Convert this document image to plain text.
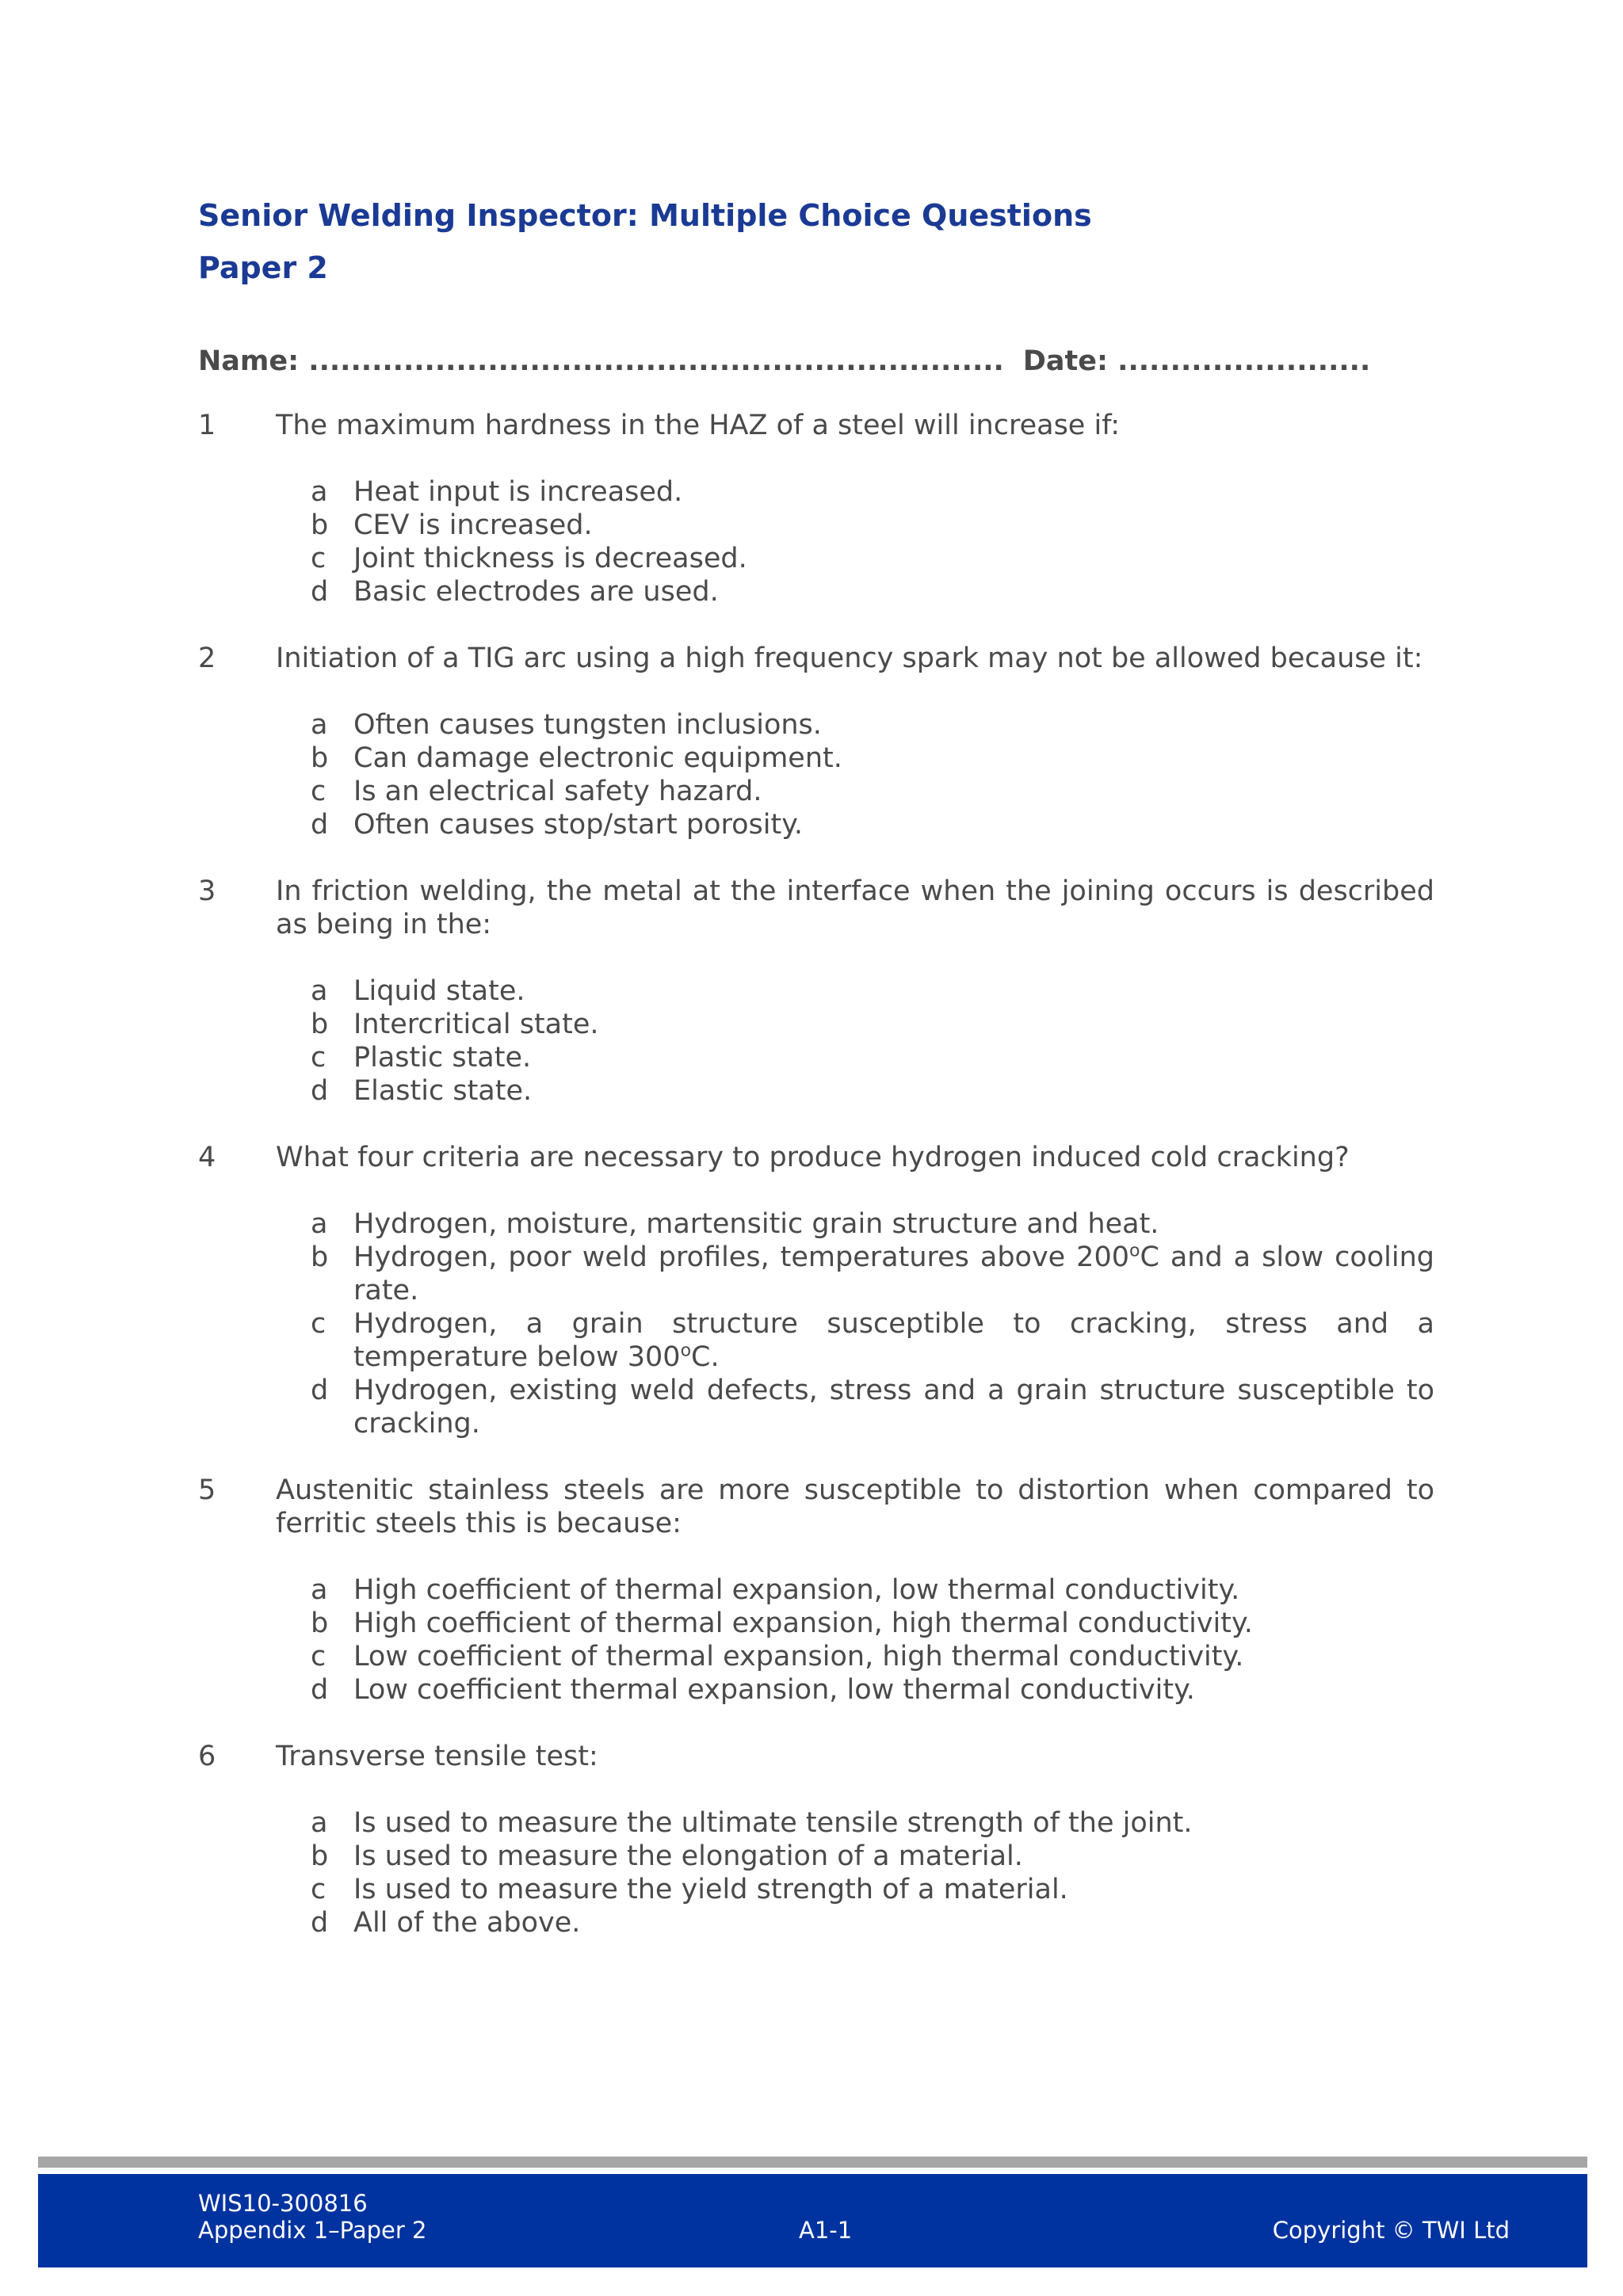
Senior Welding Inspector: Multiple Choice Questions
Paper 2
Name: .................................................................. Date: ........................
1	The maximum hardness in the HAZ of a steel will increase if:
a Heat input is increased.
b CEV is increased.
c Joint thickness is decreased.
d Basic electrodes are used.
2	Initiation of a TIG arc using a high frequency spark may not be allowed because it:
a Often causes tungsten inclusions.
b Can damage electronic equipment.
c Is an electrical safety hazard.
d Often causes stop/start porosity.
3	In friction welding, the metal at the interface when the joining occurs is described as being in the:
a Liquid state.
b Intercritical state.
c Plastic state.
d Elastic state.
4	What four criteria are necessary to produce hydrogen induced cold cracking?
a Hydrogen, moisture, martensitic grain structure and heat.
b Hydrogen, poor weld profiles, temperatures above 200$^o$C and a slow cooling rate.
c Hydrogen, a grain structure susceptible to cracking, stress and a temperature below 300$^o$C.
d Hydrogen, existing weld defects, stress and a grain structure susceptible to cracking.
5	Austenitic stainless steels are more susceptible to distortion when compared to ferritic steels this is because:
a High coefficient of thermal expansion, low thermal conductivity.
b High coefficient of thermal expansion, high thermal conductivity.
c Low coefficient of thermal expansion, high thermal conductivity.
d Low coefficient thermal expansion, low thermal conductivity.
6	Transverse tensile test:
a Is used to measure the ultimate tensile strength of the joint.
b Is used to measure the elongation of a material.
c Is used to measure the yield strength of a material.
d All of the above.
WIS10-300816
Appendix 1–Paper 2	A1-1	Copyright © TWI Ltd
